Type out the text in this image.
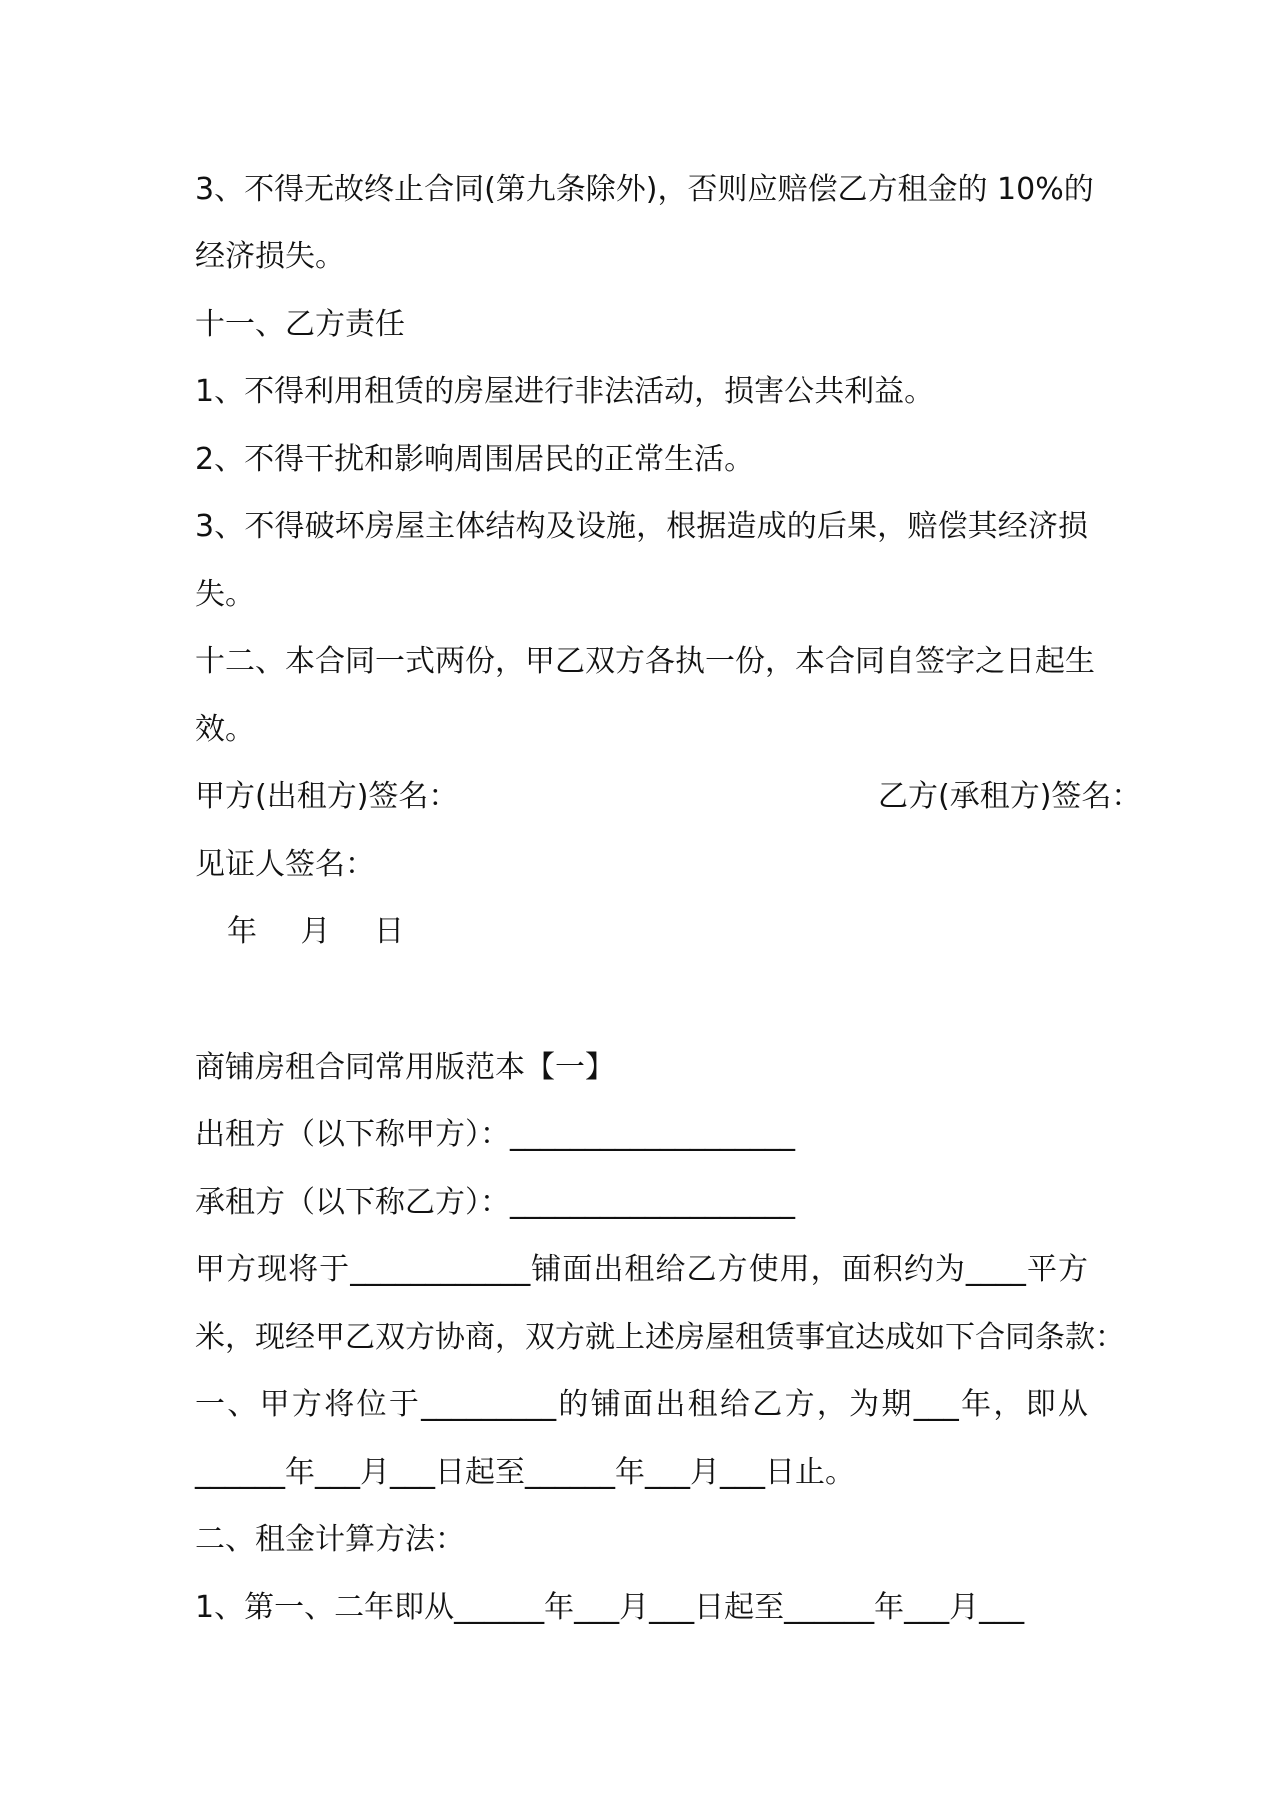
3、不得无故终止合同(第九条除外)，否则应赔偿乙方租金的 10%的

经济损失。

十一、乙方责任

1、不得利用租赁的房屋进行非法活动，损害公共利益。

2、不得干扰和影响周围居民的正常生活。

3、不得破坏房屋主体结构及设施，根据造成的后果，赔偿其经济损

失。

十二、本合同一式两份，甲乙双方各执一份，本合同自签字之日起生

效。

甲方(出租方)签名：	乙方(承租方)签名：

见证人签名：

年 月 日

商铺房租合同常用版范本【一】

出租方（以下称甲方）：___________________

承租方（以下称乙方）：___________________

甲方现将于____________铺面出租给乙方使用，面积约为____平方

米，现经甲乙双方协商，双方就上述房屋租赁事宜达成如下合同条款：

一、甲方将位于_________的铺面出租给乙方，为期___年，即从

______年___月___日起至______年___月___日止。

二、租金计算方法：

1、第一、二年即从______年___月___日起至______年___月___
